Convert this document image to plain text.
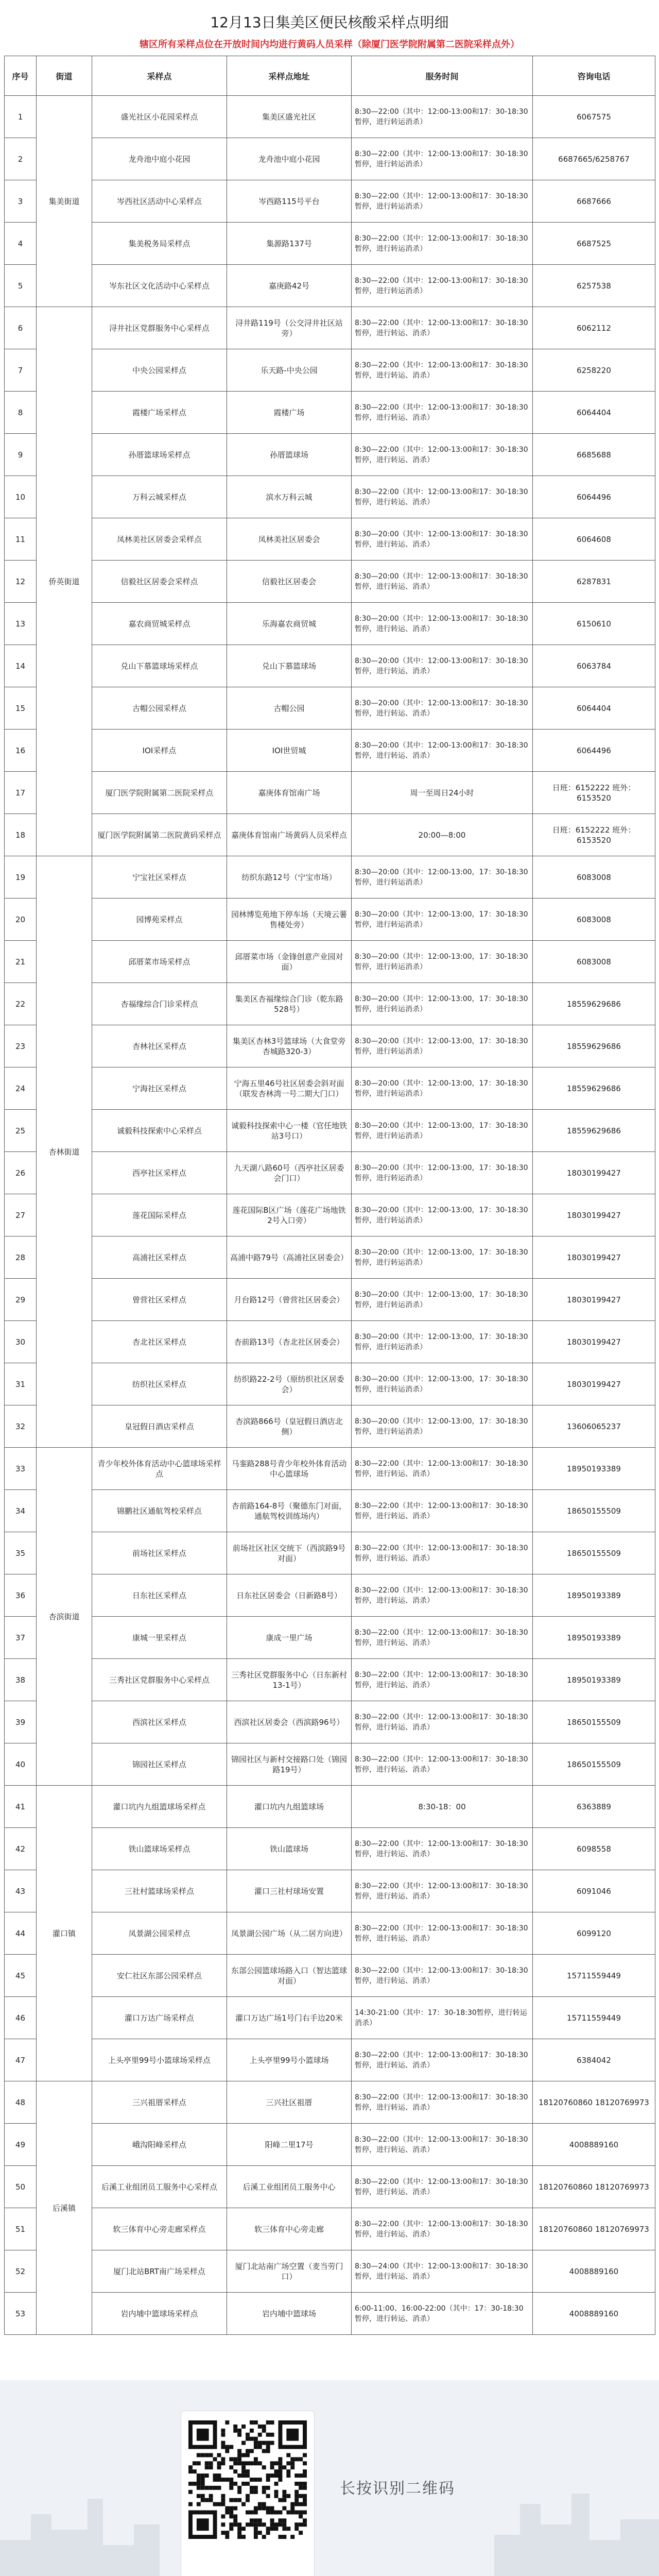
12月13日集美区便民核酸采样点明细
辖区所有采样点位在开放时间内均进行黄码人员采样（除厦门医学院附属第二医院采样点外）
序号	街道	采样点	采样点地址	服务时间	咨询电话
1	集美街道	盛光社区小花园采样点	集美区盛光社区	8:30—22:00（其中：12:00-13:00和17：30-18:30暂停，进行转运消杀）	6067575
2		龙舟池中庭小花园	龙舟池中庭小花园	8:30—22:00（其中：12:00-13:00和17：30-18:30暂停，进行转运消杀）	6687665/6258767
3		岑西社区活动中心采样点	岑西路115号平台	8:30—22:00（其中：12:00-13:00和17：30-18:30暂停，进行转运消杀）	6687666
4		集美税务局采样点	集源路137号	8:30—22:00（其中：12:00-13:00和17：30-18:30暂停，进行转运消杀）	6687525
5		岑东社区文化活动中心采样点	嘉庚路42号	8:30—22:00（其中：12:00-13:00和17：30-18:30暂停，进行转运消杀）	6257538
6	侨英街道	浔井社区党群服务中心采样点	浔井路119号（公交浔井社区站旁）	8:30—22:00（其中：12:00-13:00和17：30-18:30暂停，进行转运、消杀）	6062112
7		中央公园采样点	乐天路-中央公园	8:30—22:00（其中：12:00-13:00和17：30-18:30暂停，进行转运、消杀）	6258220
8		霞楼广场采样点	霞楼广场	8:30—22:00（其中：12:00-13:00和17：30-18:30暂停，进行转运、消杀）	6064404
9		孙厝篮球场采样点	孙厝篮球场	8:30—22:00（其中：12:00-13:00和17：30-18:30暂停，进行转运、消杀）	6685688
10		万科云城采样点	滨水万科云城	8:30—22:00（其中：12:00-13:00和17：30-18:30暂停，进行转运、消杀）	6064496
11		凤林美社区居委会采样点	凤林美社区居委会	8:30—20:00（其中：12:00-13:00和17：30-18:30暂停，进行转运、消杀）	6064608
12		信毅社区居委会采样点	信毅社区居委会	8:30—20:00（其中：12:00-13:00和17：30-18:30暂停，进行转运、消杀）	6287831
13		嘉农商贸城采样点	乐海嘉农商贸城	8:30—20:00（其中：12:00-13:00和17：30-18:30暂停，进行转运、消杀）	6150610
14		兑山下慕篮球场采样点	兑山下慕篮球场	8:30—20:00（其中：12:00-13:00和17：30-18:30暂停，进行转运、消杀）	6063784
15		古帽公园采样点	古帽公园	8:30—20:00（其中：12:00-13:00和17：30-18:30暂停，进行转运、消杀）	6064404
16		IOI采样点	IOI世贸城	8:30—20:00（其中：12:00-13:00和17：30-18:30暂停，进行转运、消杀）	6064496
17		厦门医学院附属第二医院采样点	嘉庚体育馆南广场	周一至周日24小时	日班：6152222 班外：6153520
18		厦门医学院附属第二医院黄码采样点	嘉庚体育馆南广场黄码人员采样点	20:00—8:00	日班：6152222 班外：6153520
19	杏林街道	宁宝社区采样点	纺织东路12号（宁宝市场）	8:30—20:00（其中：12:00-13:00，17：30-18:30暂停，进行转运消杀）	6083008
20		园博苑采样点	园林博览苑地下停车场（天境云薯售楼处旁）	8:30—20:00（其中：12:00-13:00，17：30-18:30暂停，进行转运消杀）	6083008
21		邱厝菜市场采样点	邱厝菜市场（金锋创意产业园对面）	8:30—20:00（其中：12:00-13:00，17：30-18:30暂停，进行转运消杀）	6083008
22		杏福缘综合门诊采样点	集美区杏福缘综合门诊（乾东路528号）	8:30—20:00（其中：12:00-13:00，17：30-18:30暂停，进行转运消杀）	18559629686
23		杏林社区采样点	集美区杏林3号篮球场（大食堂旁杏城路320-3）	8:30—20:00（其中：12:00-13:00，17：30-18:30暂停，进行转运消杀）	18559629686
24		宁海社区采样点	宁海五里46号社区居委会斜对面（联发杏林湾一号二期大门口）	8:30—20:00（其中：12:00-13:00，17：30-18:30暂停，进行转运消杀）	18559629686
25		诚毅科技探索中心采样点	诚毅科技探索中心一楼（官任地铁站3号口）	8:30—20:00（其中：12:00-13:00，17：30-18:30暂停，进行转运消杀）	18559629686
26		西亭社区采样点	九天湖八路60号（西亭社区居委会门口）	8:30—20:00（其中：12:00-13:00，17：30-18:30暂停，进行转运消杀）	18030199427
27		莲花国际采样点	莲花国际B区广场（莲花广场地铁2号入口旁）	8:30—20:00（其中：12:00-13:00，17：30-18:30暂停，进行转运消杀）	18030199427
28		高浦社区采样点	高浦中路79号（高浦社区居委会）	8:30—20:00（其中：12:00-13:00，17：30-18:30暂停，进行转运消杀）	18030199427
29		曾营社区采样点	月台路12号（曾营社区居委会）	8:30—20:00（其中：12:00-13:00，17：30-18:30暂停，进行转运消杀）	18030199427
30		杏北社区采样点	杏前路13号（杏北社区居委会）	8:30—20:00（其中：12:00-13:00，17：30-18:30暂停，进行转运消杀）	18030199427
31		纺织社区采样点	纺织路22-2号（原纺织社区居委会）	8:30—20:00（其中：12:00-13:00，17：30-18:30暂停，进行转运消杀）	18030199427
32		皇冠假日酒店采样点	杏滨路866号（皇冠假日酒店北侧）	8:30—20:00（其中：12:00-13:00，17：30-18:30暂停，进行转运消杀）	13606065237
33	杏滨街道	青少年校外体育活动中心篮球场采样点	马銮路288号青少年校外体育活动中心篮球场	8:30—22:00（其中：12:00-13:00和17：30-18:30暂停，进行转运、消杀）	18950193389
34		锦鹏社区通航驾校采样点	杏前路164-8号（聚德东门对面，通航驾校训练场内）	8:30—22:00（其中：12:00-13:00和17：30-18:30暂停，进行转运、消杀）	18650155509
35		前场社区采样点	前场社区社区交统下（西滨路9号对面）	8:30—22:00（其中：12:00-13:00和17：30-18:30暂停，进行转运、消杀）	18650155509
36		日东社区采样点	日东社区居委会（日新路8号）	8:30—22:00（其中：12:00-13:00和17：30-18:30暂停，进行转运、消杀）	18950193389
37		康城一里采样点	康成一里广场	8:30—22:00（其中：12:00-13:00和17：30-18:30暂停，进行转运、消杀）	18950193389
38		三秀社区党群服务中心采样点	三秀社区党群服务中心（日东新村13-1号）	8:30—22:00（其中：12:00-13:00和17：30-18:30暂停，进行转运、消杀）	18950193389
39		西滨社区采样点	西滨社区居委会（西滨路96号）	8:30—22:00（其中：12:00-13:00和17：30-18:30暂停，进行转运、消杀）	18650155509
40		锦园社区采样点	锦园社区与新村交接路口处（锦园路19号）	8:30—22:00（其中：12:00-13:00和17：30-18:30暂停，进行转运、消杀）	18650155509
41	灌口镇	灌口坑内九组篮球场采样点	灌口坑内九组篮球场	8:30-18：00	6363889
42		铁山篮球场采样点	铁山篮球场	8:30—22:00（其中：12:00-13:00和17：30-18:30暂停，进行转运、消杀）	6098558
43		三社村篮球场采样点	灌口三社村球场安置	8:30—22:00（其中：12:00-13:00和17：30-18:30暂停，进行转运、消杀）	6091046
44		凤景湖公园采样点	凤景湖公园广场（从二居方向进）	8:30—22:00（其中：12:00-13:00和17：30-18:30暂停，进行转运、消杀）	6099120
45		安仁社区东部公园采样点	东部公园篮球场路入口（智达篮球对面）	8:30—22:00（其中：12:00-13:00和17：30-18:30暂停，进行转运、消杀）	15711559449
46		灌口万达广场采样点	灌口万达广场1号门右手边20米	14:30-21:00（其中：17：30-18:30暂停，进行转运消杀）	15711559449
47		上头亭里99号小篮球场采样点	上头亭里99号小篮球场	8:30—22:00（其中：12:00-13:00和17：30-18:30暂停，进行转运、消杀）	6384042
48	后溪镇	三兴祖厝采样点	三兴社区祖厝	8:30—22:00（其中：12:00-13:00和17：30-18:30暂停，进行转运、消杀）	18120760860 18120769973
49		峨沟阳峰采样点	阳峰二里17号	8:30—22:00（其中：12:00-13:00和17：30-18:30暂停，进行转运、消杀）	4008889160
50		后溪工业组团员工服务中心采样点	后溪工业组团员工服务中心	8:30—22:00（其中：12:00-13:00和17：30-18:30暂停，进行转运、消杀）	18120760860 18120769973
51		软三体育中心旁走廊采样点	软三体育中心旁走廊	8:30—22:00（其中：12:00-13:00和17：30-18:30暂停，进行转运、消杀）	18120760860 18120769973
52		厦门北站BRT南广场采样点	厦门北站南广场空置（麦当劳门口）	8:30—24:00（其中：12:00-13:00和17：30-18:30暂停，进行转运、消杀）	4008889160
53		岩内埔中篮球场采样点	岩内埔中篮球场	6:00-11:00、16:00-22:00（其中：17：30-18:30暂停，进行转运、消杀）	4008889160
长按识别二维码
